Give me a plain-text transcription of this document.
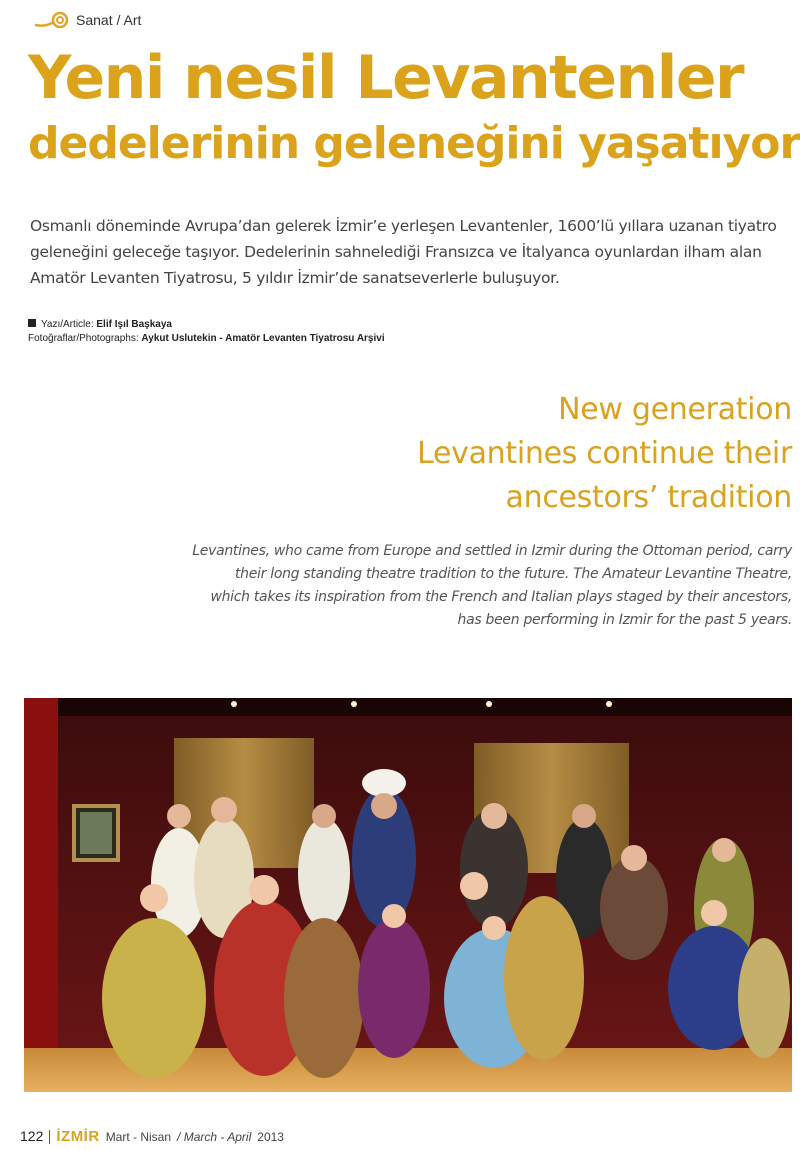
Sanat / Art
Yeni nesil Levantenler
dedelerinin geleneğini yaşatıyor

Osmanlı döneminde Avrupa’dan gelerek İzmir’e yerleşen Levantenler, 1600’lü yıllara uzanan tiyatro geleneğini geleceğe taşıyor. Dedelerinin sahnelediği Fransızca ve İtalyanca oyunlardan ilham alan Amatör Levanten Tiyatrosu, 5 yıldır İzmir’de sanatseverlerle buluşuyor.

Yazı/Article: Elif Işıl Başkaya
Fotoğraflar/Photographs: Aykut Uslutekin - Amatör Levanten Tiyatrosu Arşivi
New generation
Levantines continue their
ancestors’ tradition

Levantines, who came from Europe and settled in Izmir during the Ottoman period, carry their long standing theatre tradition to the future. The Amateur Levantine Theatre, which takes its inspiration from the French and Italian plays staged by their ancestors, has been performing in Izmir for the past 5 years.

122 İZMİR Mart - Nisan / March - April 2013
